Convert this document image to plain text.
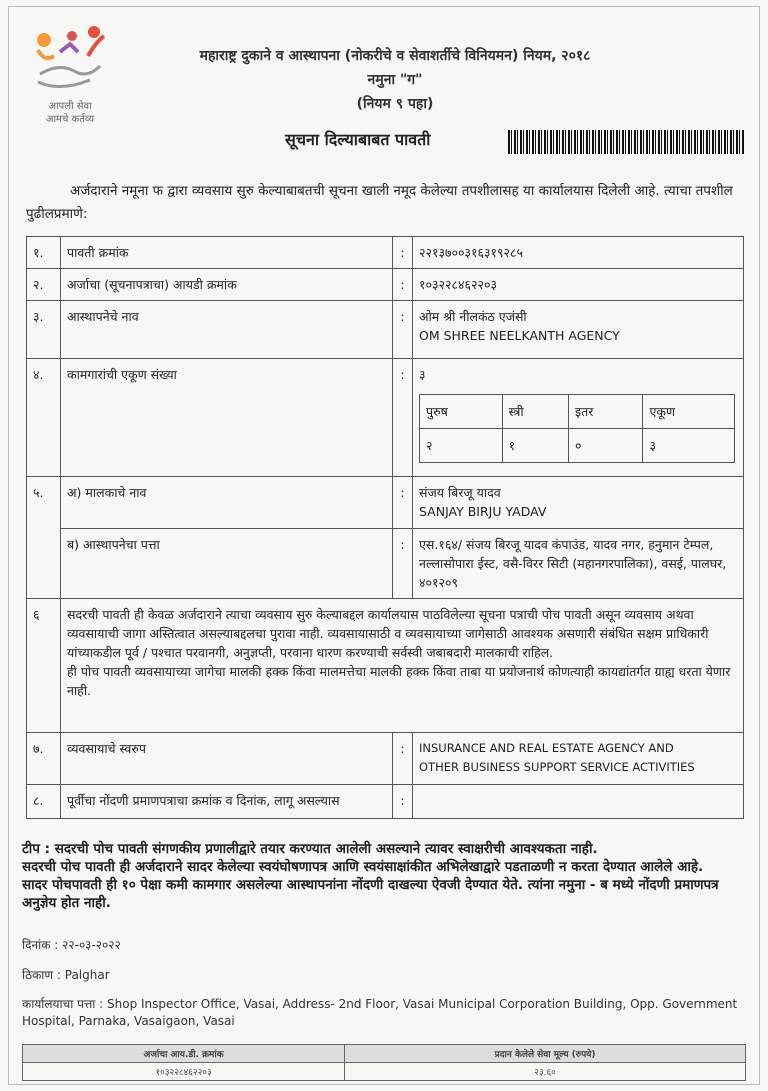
आपली सेवा
आमचे कर्तव्य
महाराष्ट्र दुकाने व आस्थापना (नोकरीचे व सेवाशर्तीचे विनियमन) नियम, २०१८
नमुना "ग"
(नियम ९ पहा)
सूचना दिल्याबाबत पावती
अर्जदाराने नमूना फ द्वारा व्यवसाय सुरु केल्याबाबतची सूचना खाली नमूद केलेल्या तपशीलासह या कार्यालयास दिलेली आहे. त्याचा तपशील पुढीलप्रमाणे:
१.	पावती क्रमांक	:	२२१३७००३१६३१९२८५
२.	अर्जाचा (सूचनापत्राचा) आयडी क्रमांक	:	१०३२२८४६२२०३
३.	आस्थापनेचे नाव	:	ओम श्री नीलकंठ एजंसी
OM SHREE NEELKANTH AGENCY

४.	कामगारांची एकूण संख्या	:	३
पुरुष	स्त्री	इतर	एकूण
२	१	०	३

५.	अ) मालकाचे नाव	:	संजय बिरजू यादव
SANJAY BIRJU YADAV

ब) आस्थापनेचा पत्ता	:	एस.१६४/ संजय बिरजू यादव कंपाउंड, यादव नगर, हनुमान टेम्पल, नल्लासोपारा ईस्ट, वसै-विरर सिटी (महानगरपालिका), वसई, पालघर, ४०१२०९
६	सदरची पावती ही केवळ अर्जदाराने त्याचा व्यवसाय सुरु केल्याबद्दल कार्यालयास पाठविलेल्या सूचना पत्राची पोच पावती असून व्यवसाय अथवा व्यवसायाची जागा अस्तित्वात असल्याबद्दलचा पुरावा नाही. व्यवसायासाठी व व्यवसायाच्या जागेसाठी आवश्यक असणारी संबंधित सक्षम प्राधिकारी यांच्याकडील पूर्व / पश्चात परवानगी, अनुज्ञप्ती, परवाना धारण करण्याची सर्वस्वी जबाबदारी मालकाची राहिल.
ही पोच पावती व्यवसायाच्या जागेचा मालकी हक्क किंवा मालमत्तेचा मालकी हक्क किंवा ताबा या प्रयोजनार्थ कोणत्याही कायद्यांतर्गत ग्राह्य धरता येणार नाही.

७.	व्यवसायाचे स्वरुप	:	INSURANCE AND REAL ESTATE AGENCY AND
OTHER BUSINESS SUPPORT SERVICE ACTIVITIES

८.	पूर्वीचा नोंदणी प्रमाणपत्राचा क्रमांक व दिनांक, लागू असल्यास	:	
टीप : सदरची पोच पावती संगणकीय प्रणालीद्वारे तयार करण्यात आलेली असल्याने त्यावर स्वाक्षरीची आवश्यकता नाही.
सदरची पोच पावती ही अर्जदाराने सादर केलेल्या स्वयंघोषणापत्र आणि स्वयंसाक्षांकीत अभिलेखाद्वारे पडताळणी न करता देण्यात आलेले आहे.
सादर पोचपावती ही १० पेक्षा कमी कामगार असलेल्या आस्थापनांना नोंदणी दाखल्या ऐवजी देण्यात येते. त्यांना नमुना - ब मध्ये नोंदणी प्रमाणपत्र अनुज्ञेय होत नाही.
दिनांक : २२-०३-२०२२
ठिकाण : Palghar
कार्यालयाचा पत्ता : Shop Inspector Office, Vasai, Address- 2nd Floor, Vasai Municipal Corporation Building, Opp. Government Hospital, Parnaka, Vasaigaon, Vasai
अर्जाचा आय.डी. क्रमांक	प्रदान केलेले सेवा मूल्य (रुपये)
१०३२२८४६२२०३	२३.६०
